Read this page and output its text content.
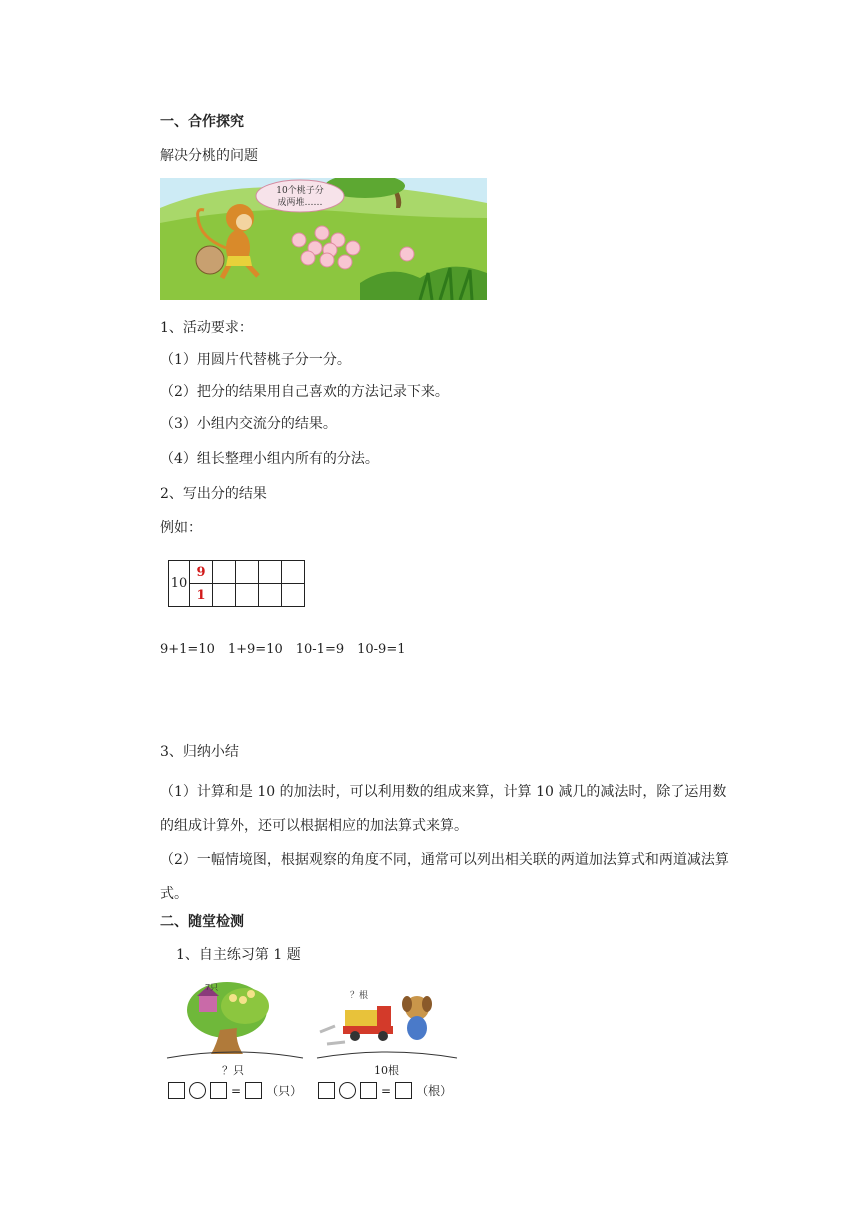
一、合作探究
解决分桃的问题
10个桃子分
成两堆……
1、活动要求：
（1）用圆片代替桃子分一分。
（2）把分的结果用自己喜欢的方法记录下来。
（3）小组内交流分的结果。
（4）组长整理小组内所有的分法。
2、写出分的结果
例如：
10	9				
	1				
9+1=10　1+9=10　10-1=9　10-9=1
3、归纳小结
（1）计算和是 10 的加法时，可以利用数的组成来算，计算 10 减几的减法时，除了运用数的组成计算外，还可以根据相应的加法算式来算。
（2）一幅情境图，根据观察的角度不同，通常可以列出相关联的两道加法算式和两道减法算式。
二、随堂检测
1、自主练习第 1 题
7只
？只
？根
10根
= （只）	= （根）
